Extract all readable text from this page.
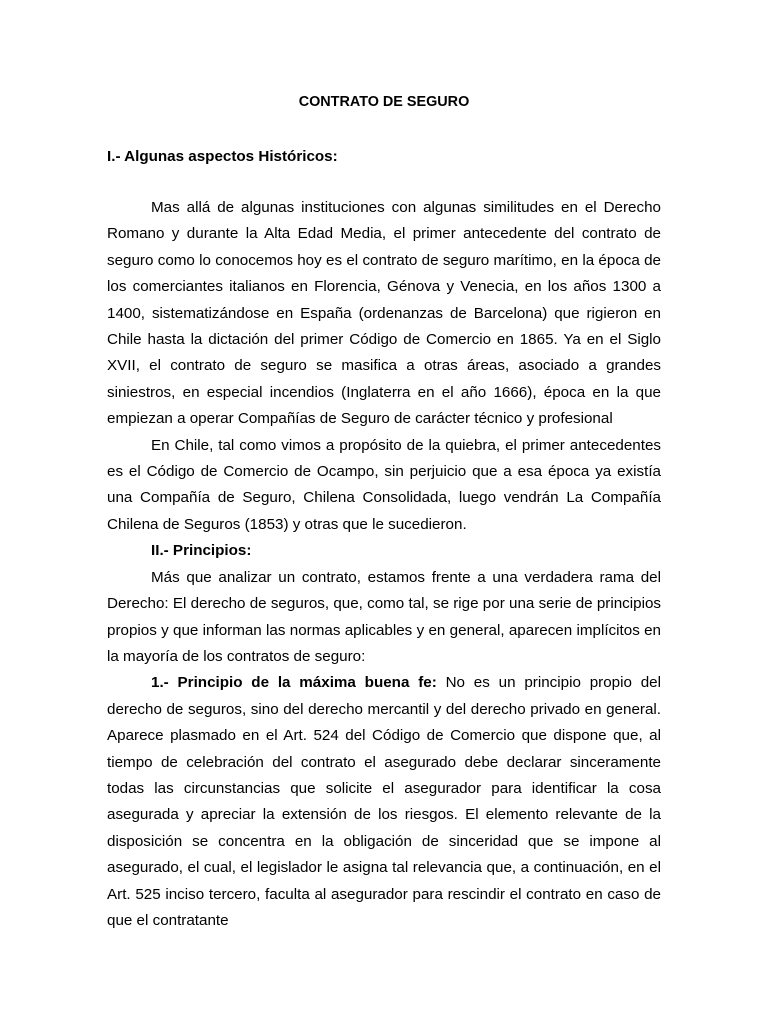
CONTRATO DE SEGURO
I.- Algunas aspectos Históricos:

Mas allá de algunas instituciones con algunas similitudes en el Derecho Romano y durante la Alta Edad Media, el primer antecedente del contrato de seguro como lo conocemos hoy es el contrato de seguro marítimo, en la época de los comerciantes italianos en Florencia, Génova y Venecia, en los años 1300 a 1400, sistematizándose en España (ordenanzas de Barcelona) que rigieron en Chile hasta la dictación del primer Código de Comercio en 1865. Ya en el Siglo XVII, el contrato de seguro se masifica a otras áreas, asociado a grandes siniestros, en especial incendios (Inglaterra en el año 1666), época en la que empiezan a operar Compañías de Seguro de carácter técnico y profesional

En Chile, tal como vimos a propósito de la quiebra, el primer antecedentes es el Código de Comercio de Ocampo, sin perjuicio que a esa época ya existía una Compañía de Seguro, Chilena Consolidada, luego vendrán La Compañía Chilena de Seguros (1853) y otras que le sucedieron.

II.- Principios:

Más que analizar un contrato, estamos frente a una verdadera rama del Derecho: El derecho de seguros, que, como tal, se rige por una serie de principios propios y que informan las normas aplicables y en general, aparecen implícitos en la mayoría de los contratos de seguro:

1.- Principio de la máxima buena fe: No es un principio propio del derecho de seguros, sino del derecho mercantil y del derecho privado en general. Aparece plasmado en el Art. 524 del Código de Comercio que dispone que, al tiempo de celebración del contrato el asegurado debe declarar sinceramente todas las circunstancias que solicite el asegurador para identificar la cosa asegurada y apreciar la extensión de los riesgos. El elemento relevante de la disposición se concentra en la obligación de sinceridad que se impone al asegurado, el cual, el legislador le asigna tal relevancia que, a continuación, en el Art. 525 inciso tercero, faculta al asegurador para rescindir el contrato en caso de que el contratante
